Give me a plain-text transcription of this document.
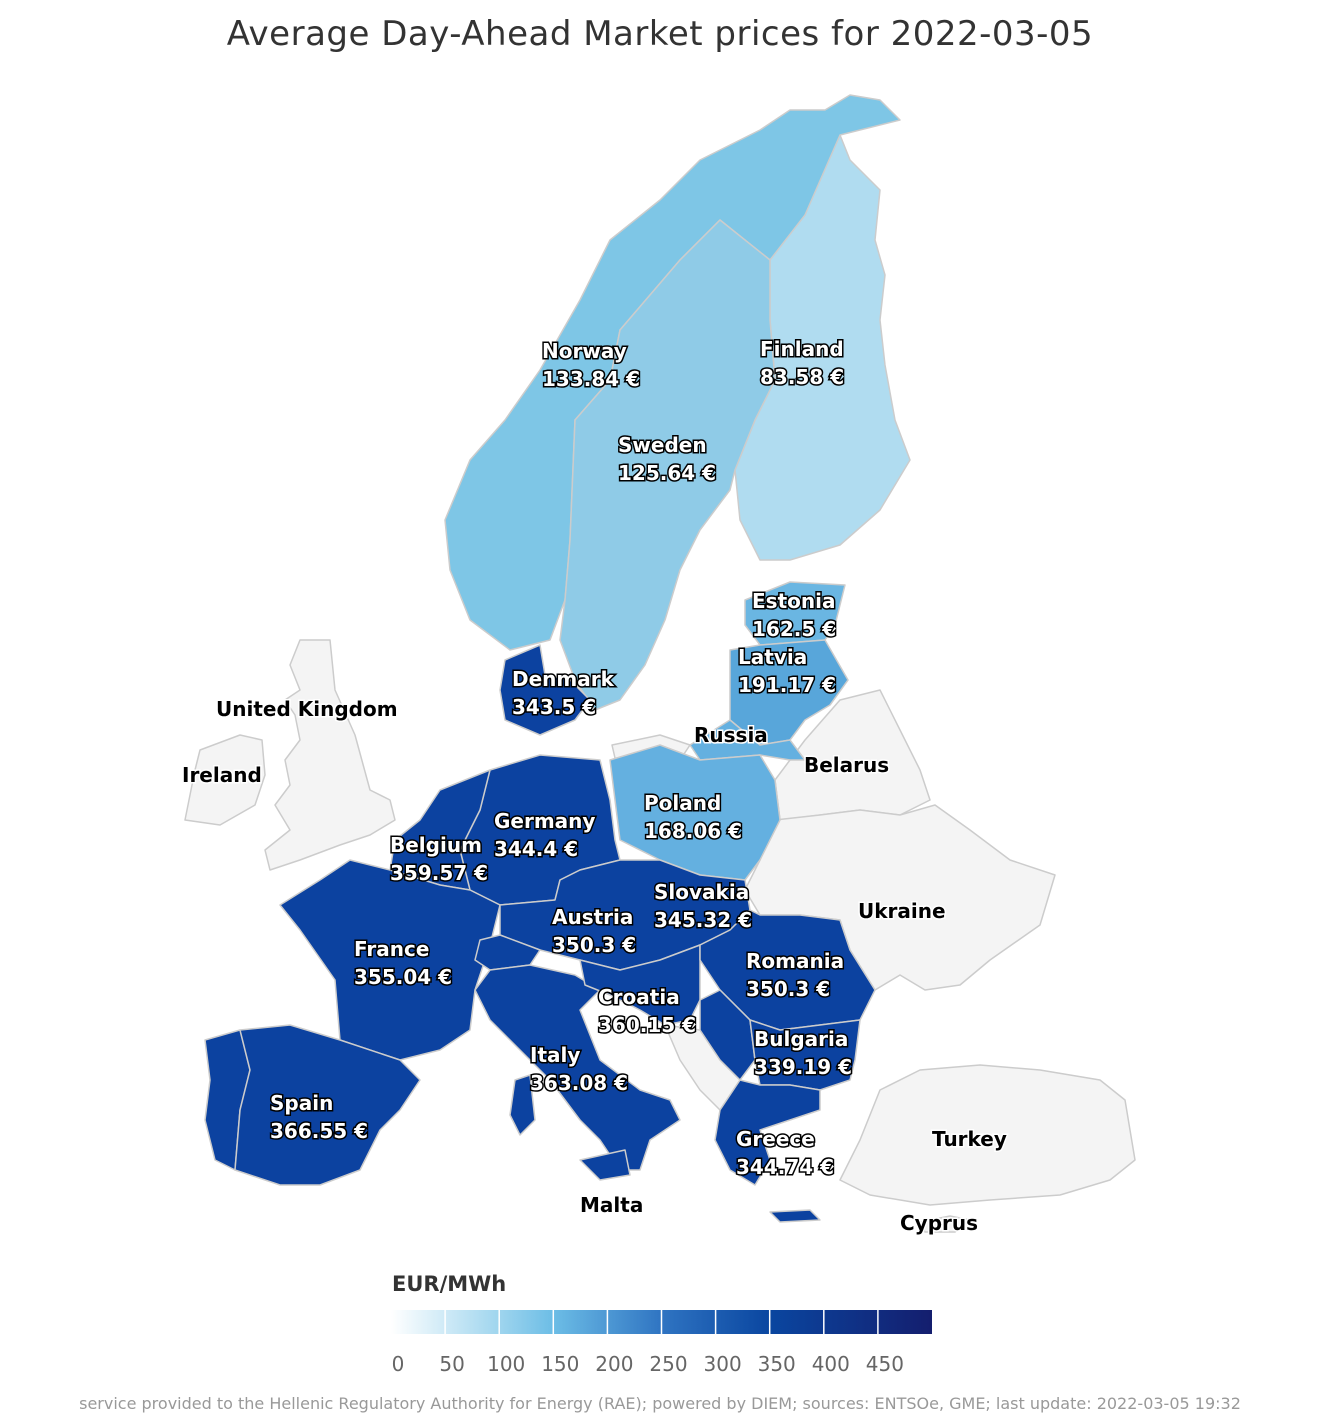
Average Day-Ahead Market prices for 2022-03-05
Norway
133.84 €
Finland
83.58 €
Sweden
125.64 €
Estonia
162.5 €
Latvia
191.17 €
Denmark
343.5 €
Poland
168.06 €
Germany
344.4 €
Belgium
359.57 €
Slovakia
345.32 €
Austria
350.3 €
France
355.04 €
Romania
350.3 €
Croatia
360.15 €
Bulgaria
339.19 €
Italy
363.08 €
Spain
366.55 €	Greece
344.74 €
United Kingdom
Ireland
Russia
Belarus
Ukraine
Turkey
Malta
Cyprus
EUR/MWh
0 50 100 150 200 250 300 350 400 450
service provided to the Hellenic Regulatory Authority for Energy (RAE); powered by DIEM; sources: ENTSOe, GME; last update: 2022-03-05 19:32
